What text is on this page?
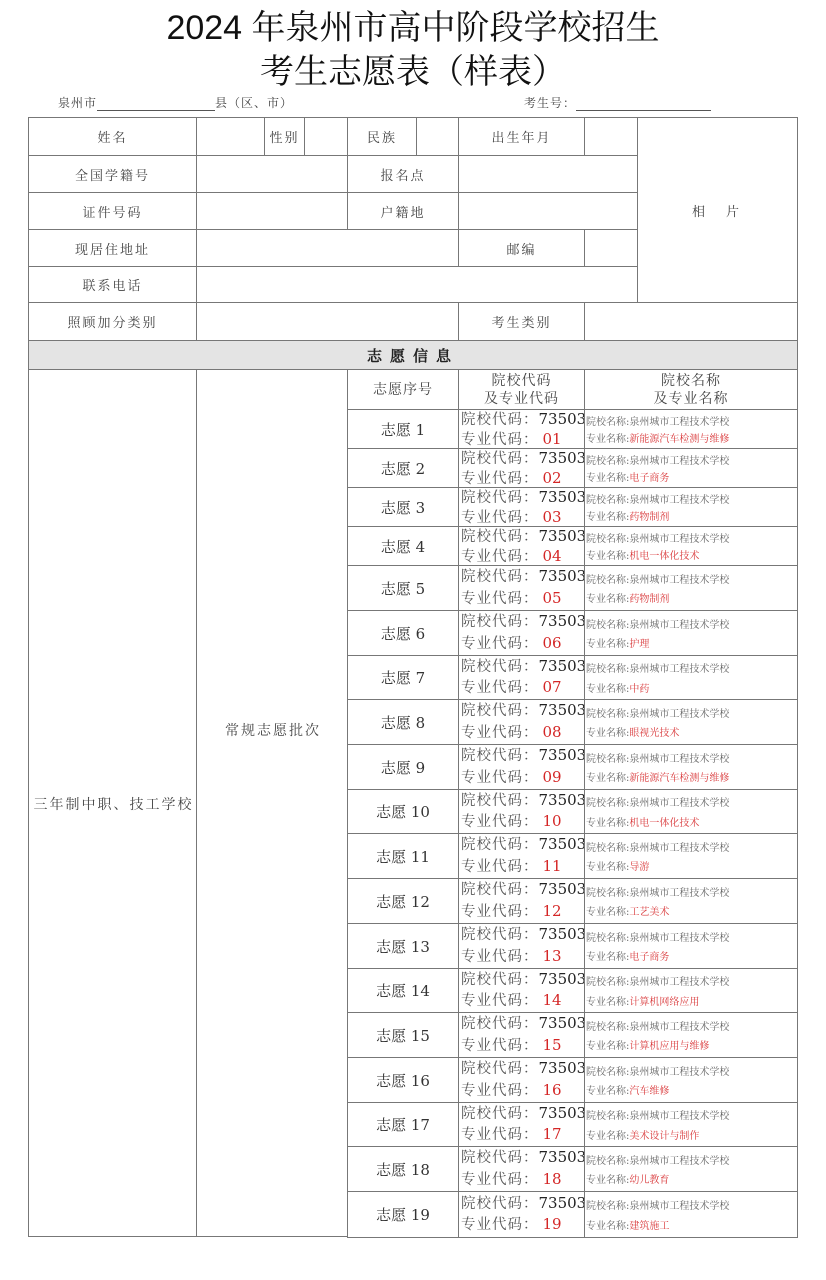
2024 年泉州市高中阶段学校招生
考生志愿表（样表）
泉州市	县（区、市）	考生号：
姓名	性别	民族	出生年月
相　片
全国学籍号	报名点
证件号码	户籍地
现居住地址	邮编
联系电话
照顾加分类别	考生类别
志愿信息
三年制中职、技工学校
常规志愿批次
志愿序号
院校代码
及专业代码
院校名称
及专业名称
志愿 1
院校代码：73503
专业代码： 01
院校名称:泉州城市工程技术学校
专业名称:新能源汽车检测与维修
志愿 2
院校代码：73503
专业代码： 02
院校名称:泉州城市工程技术学校
专业名称:电子商务
志愿 3
院校代码：73503
专业代码： 03
院校名称:泉州城市工程技术学校
专业名称:药物制剂
志愿 4
院校代码：73503
专业代码： 04
院校名称:泉州城市工程技术学校
专业名称:机电一体化技术
志愿 5
院校代码：73503
专业代码： 05
院校名称:泉州城市工程技术学校
专业名称:药物制剂
志愿 6
院校代码：73503
专业代码： 06
院校名称:泉州城市工程技术学校
专业名称:护理
志愿 7
院校代码：73503
专业代码： 07
院校名称:泉州城市工程技术学校
专业名称:中药
志愿 8
院校代码：73503
专业代码： 08
院校名称:泉州城市工程技术学校
专业名称:眼视光技术
志愿 9
院校代码：73503
专业代码： 09
院校名称:泉州城市工程技术学校
专业名称:新能源汽车检测与维修
志愿 10
院校代码：73503
专业代码： 10
院校名称:泉州城市工程技术学校
专业名称:机电一体化技术
志愿 11
院校代码：73503
专业代码： 11
院校名称:泉州城市工程技术学校
专业名称:导游
志愿 12
院校代码：73503
专业代码： 12
院校名称:泉州城市工程技术学校
专业名称:工艺美术
志愿 13
院校代码：73503
专业代码： 13
院校名称:泉州城市工程技术学校
专业名称:电子商务
志愿 14
院校代码：73503
专业代码： 14
院校名称:泉州城市工程技术学校
专业名称:计算机网络应用
志愿 15
院校代码：73503
专业代码： 15
院校名称:泉州城市工程技术学校
专业名称:计算机应用与维修
志愿 16
院校代码：73503
专业代码： 16
院校名称:泉州城市工程技术学校
专业名称:汽车维修
志愿 17
院校代码：73503
专业代码： 17
院校名称:泉州城市工程技术学校
专业名称:美术设计与制作
志愿 18
院校代码：73503
专业代码： 18
院校名称:泉州城市工程技术学校
专业名称:幼儿教育
志愿 19
院校代码：73503
专业代码： 19
院校名称:泉州城市工程技术学校
专业名称:建筑施工
